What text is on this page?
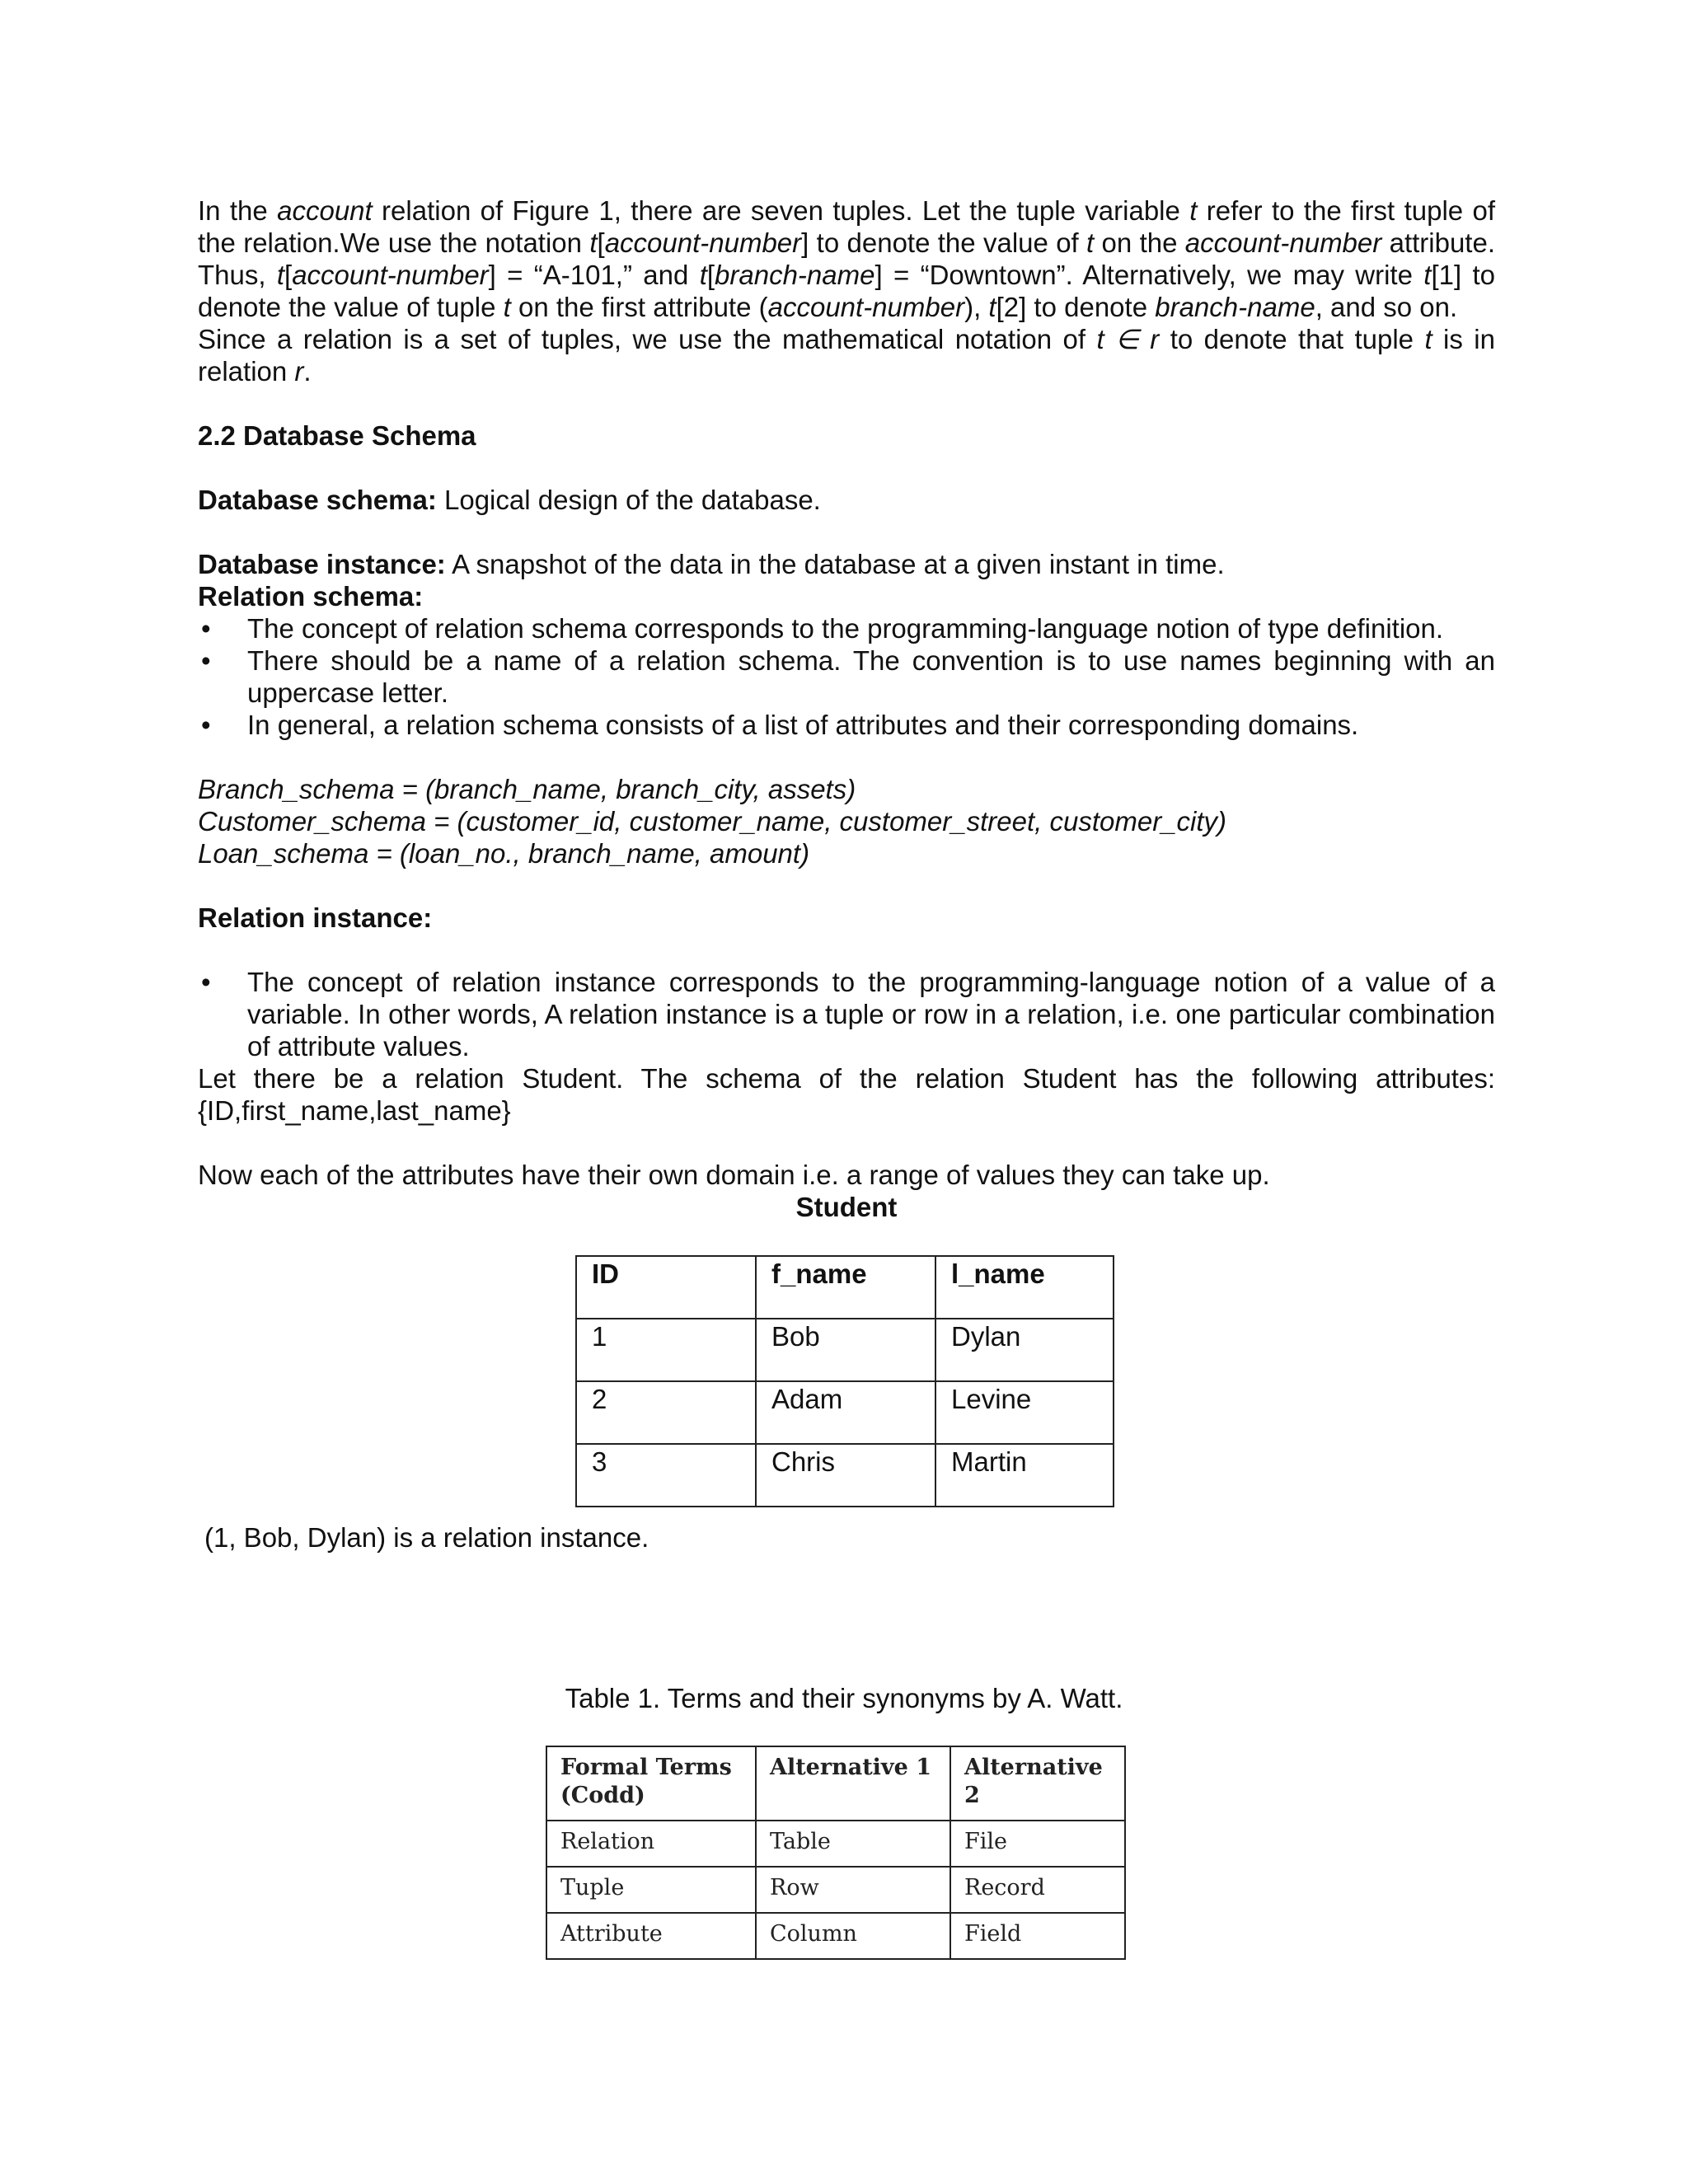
In the account relation of Figure 1, there are seven tuples. Let the tuple variable t refer to the first tuple of the relation.We use the notation t[account-number] to denote the value of t on the account-number attribute. Thus, t[account-number] = “A-101,” and t[branch-name] = “Downtown”. Alternatively, we may write t[1] to denote the value of tuple t on the first attribute (account-number), t[2] to denote branch-name, and so on.

Since a relation is a set of tuples, we use the mathematical notation of t ∈ r to denote that tuple t is in relation r.

2.2 Database Schema

Database schema: Logical design of the database.

Database instance: A snapshot of the data in the database at a given instant in time.

Relation schema:

• The concept of relation schema corresponds to the programming-language notion of type definition.
• There should be a name of a relation schema. The convention is to use names beginning with an uppercase letter.
• In general, a relation schema consists of a list of attributes and their corresponding domains.

Branch_schema = (branch_name, branch_city, assets)

Customer_schema = (customer_id, customer_name, customer_street, customer_city)

Loan_schema = (loan_no., branch_name, amount)

Relation instance:

• The concept of relation instance corresponds to the programming-language notion of a value of a variable. In other words, A relation instance is a tuple or row in a relation, i.e. one particular combination of attribute values.

Let there be a relation Student. The schema of the relation Student has the following attributes: {ID,first_name,last_name}

Now each of the attributes have their own domain i.e. a range of values they can take up.

Student

ID	f_name	l_name
1	Bob	Dylan
2	Adam	Levine
3	Chris	Martin

(1, Bob, Dylan) is a relation instance.

Table 1. Terms and their synonyms by A. Watt.

Formal Terms (Codd)	Alternative 1	Alternative 2
Relation	Table	File
Tuple	Row	Record
Attribute	Column	Field
